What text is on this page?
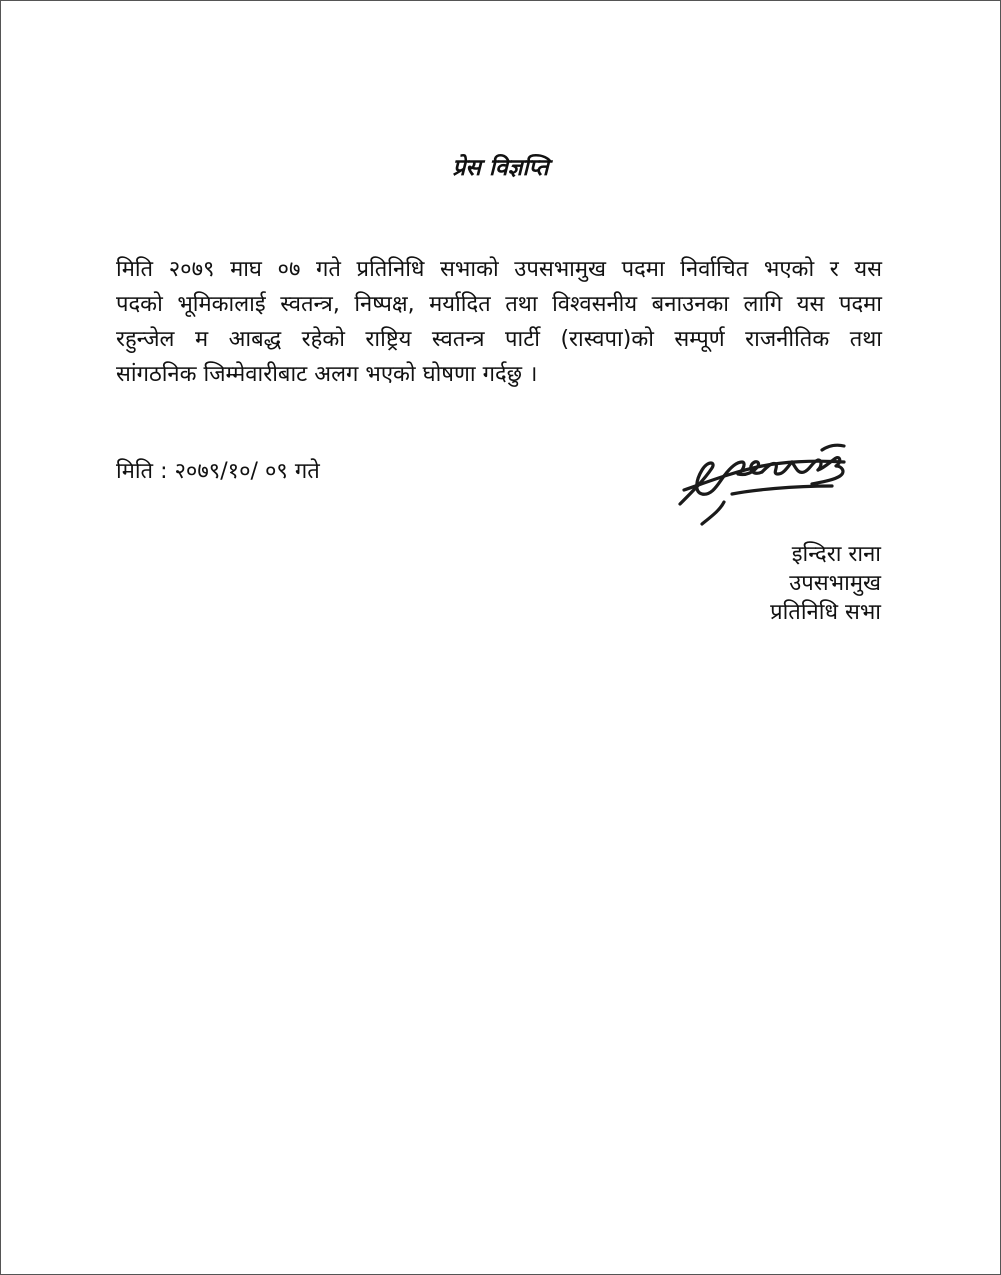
प्रेस विज्ञप्ति
मिति २०७९ माघ ०७ गते प्रतिनिधि सभाको उपसभामुख पदमा निर्वाचित भएको र यस
पदको भूमिकालाई स्वतन्त्र, निष्पक्ष, मर्यादित तथा विश्वसनीय बनाउनका लागि यस पदमा
रहुन्जेल म आबद्ध रहेको राष्ट्रिय स्वतन्त्र पार्टी (रास्वपा)को सम्पूर्ण राजनीतिक तथा
सांगठनिक जिम्मेवारीबाट अलग भएको घोषणा गर्दछु ।
मिति : २०७९/१०/ ०९ गते
इन्दिरा राना
उपसभामुख
प्रतिनिधि सभा
